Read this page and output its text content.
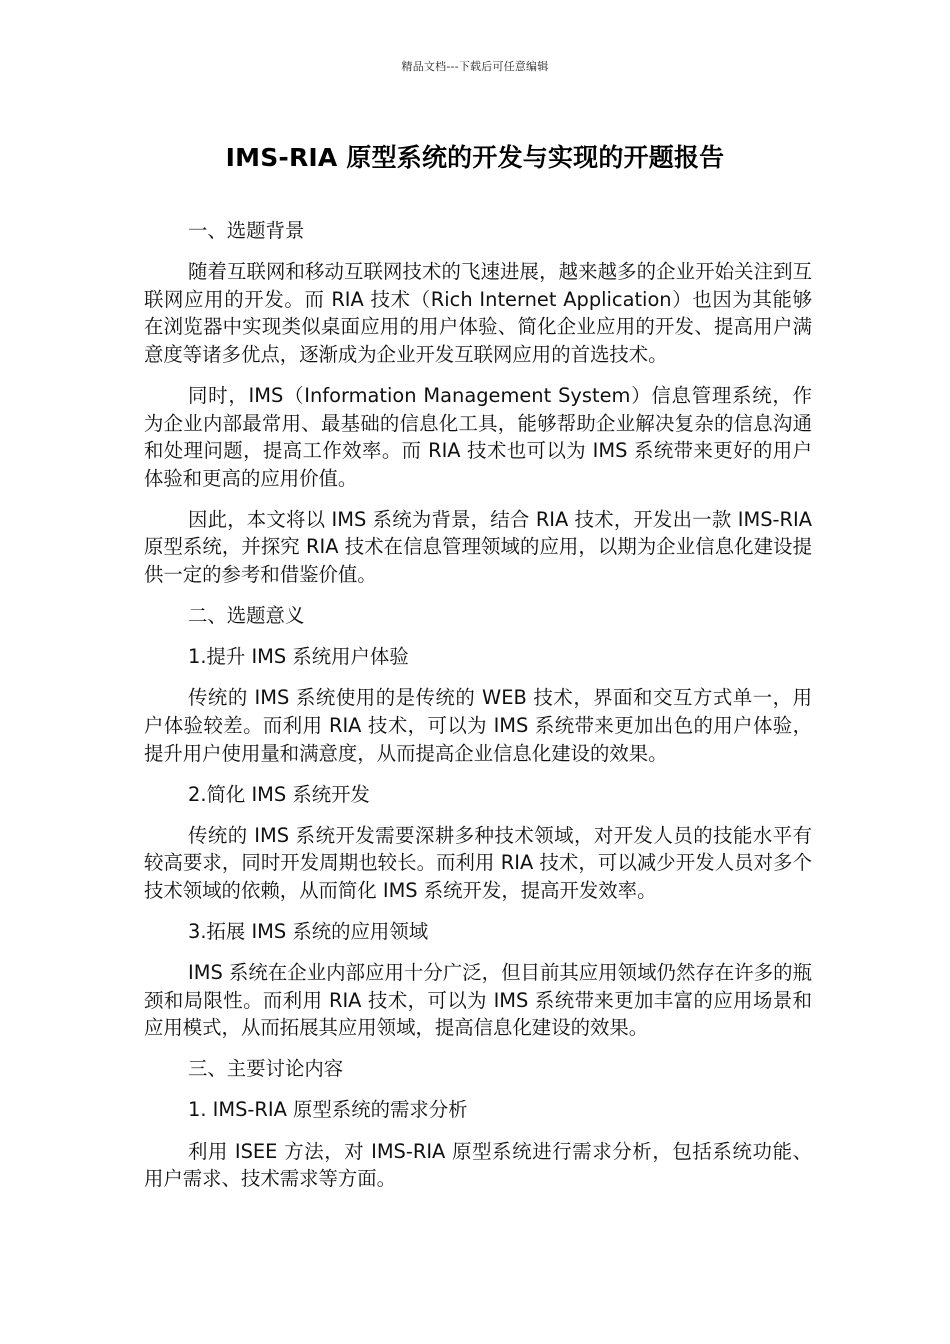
精品文档---下载后可任意编辑
IMS-RIA 原型系统的开发与实现的开题报告

一、选题背景

随着互联网和移动互联网技术的飞速进展，越来越多的企业开始关注到互联网应用的开发。而 RIA 技术（Rich Internet Application）也因为其能够在浏览器中实现类似桌面应用的用户体验、简化企业应用的开发、提高用户满意度等诸多优点，逐渐成为企业开发互联网应用的首选技术。

同时，IMS（Information Management System）信息管理系统，作为企业内部最常用、最基础的信息化工具，能够帮助企业解决复杂的信息沟通和处理问题，提高工作效率。而 RIA 技术也可以为 IMS 系统带来更好的用户体验和更高的应用价值。

因此，本文将以 IMS 系统为背景，结合 RIA 技术，开发出一款 IMS-RIA 原型系统，并探究 RIA 技术在信息管理领域的应用，以期为企业信息化建设提供一定的参考和借鉴价值。

二、选题意义

1.提升 IMS 系统用户体验

传统的 IMS 系统使用的是传统的 WEB 技术，界面和交互方式单一，用户体验较差。而利用 RIA 技术，可以为 IMS 系统带来更加出色的用户体验，提升用户使用量和满意度，从而提高企业信息化建设的效果。

2.简化 IMS 系统开发

传统的 IMS 系统开发需要深耕多种技术领域，对开发人员的技能水平有较高要求，同时开发周期也较长。而利用 RIA 技术，可以减少开发人员对多个技术领域的依赖，从而简化 IMS 系统开发，提高开发效率。

3.拓展 IMS 系统的应用领域

IMS 系统在企业内部应用十分广泛，但目前其应用领域仍然存在许多的瓶颈和局限性。而利用 RIA 技术，可以为 IMS 系统带来更加丰富的应用场景和应用模式，从而拓展其应用领域，提高信息化建设的效果。

三、主要讨论内容

1. IMS-RIA 原型系统的需求分析

利用 ISEE 方法，对 IMS-RIA 原型系统进行需求分析，包括系统功能、用户需求、技术需求等方面。
